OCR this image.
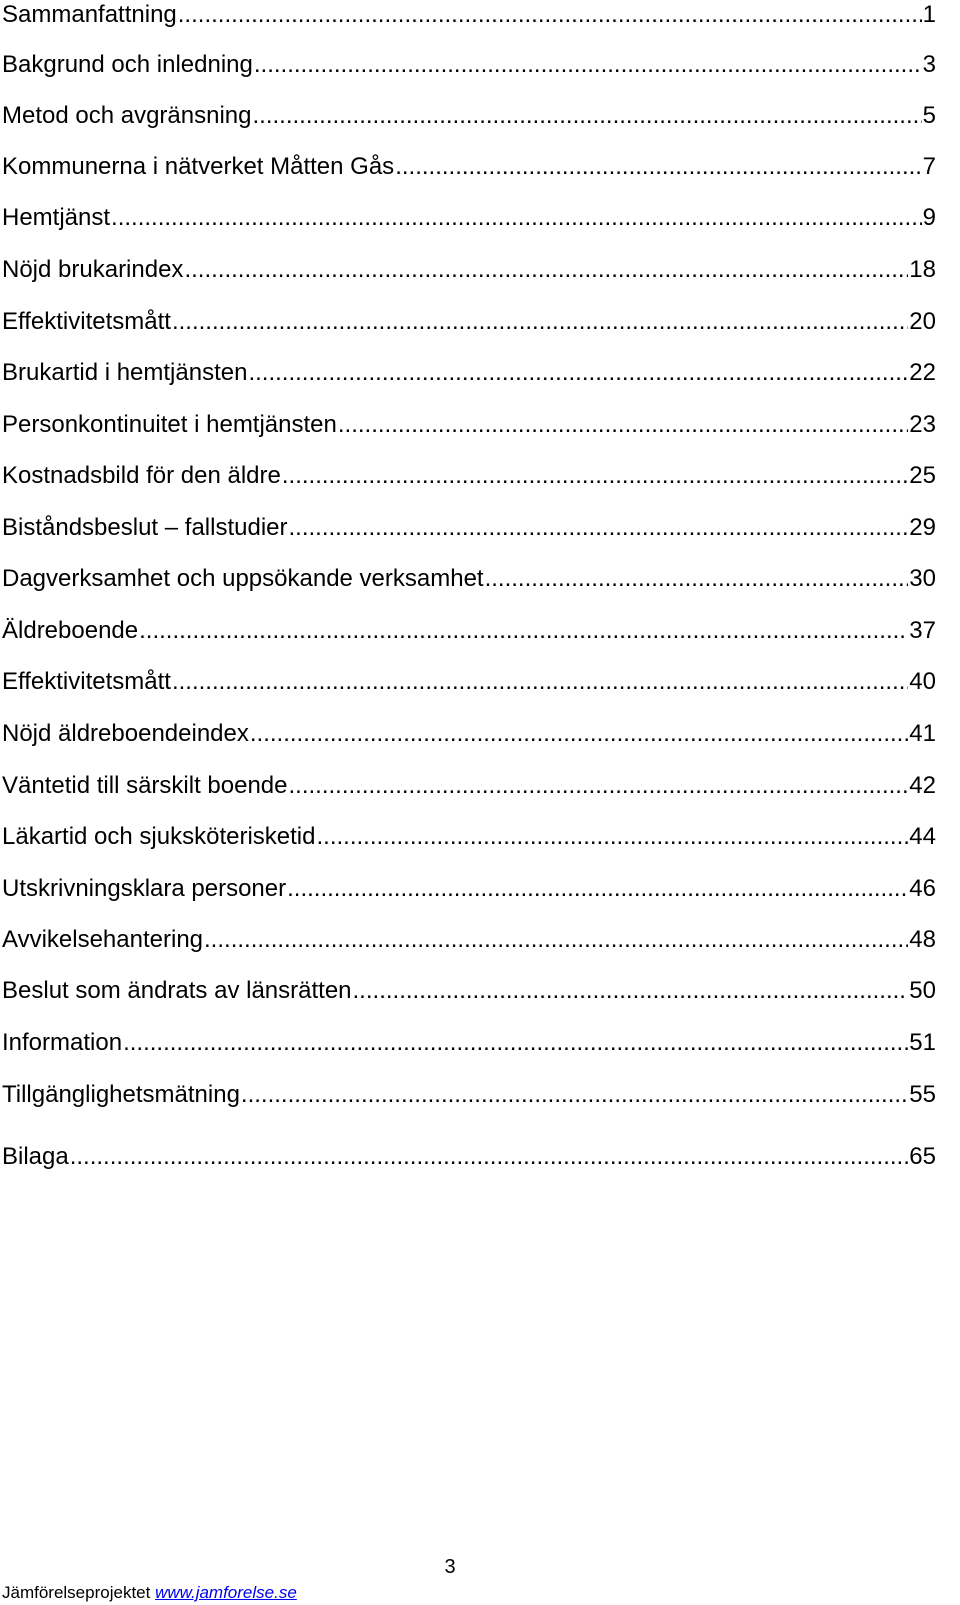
Sammanfattning .....	1
Bakgrund och inledning .....	3
Metod och avgränsning .....	5
Kommunerna i nätverket Måtten Gås .....	7
Hemtjänst .....	9
Nöjd brukarindex .....	18
Effektivitetsmått .....	20
Brukartid i hemtjänsten .....	22
Personkontinuitet i hemtjänsten .....	23
Kostnadsbild för den äldre .....	25
Biståndsbeslut – fallstudier .....	29
Dagverksamhet och uppsökande verksamhet .....	30
Äldreboende .....	37
Effektivitetsmått .....	40
Nöjd äldreboendeindex .....	41
Väntetid till särskilt boende .....	42
Läkartid och sjuksköterisketid .....	44
Utskrivningsklara personer .....	46
Avvikelsehantering .....	48
Beslut som ändrats av länsrätten .....	50
Information .....	51
Tillgänglighetsmätning .....	55
Bilaga .....	65
3
Jämförelseprojektet www.jamforelse.se
